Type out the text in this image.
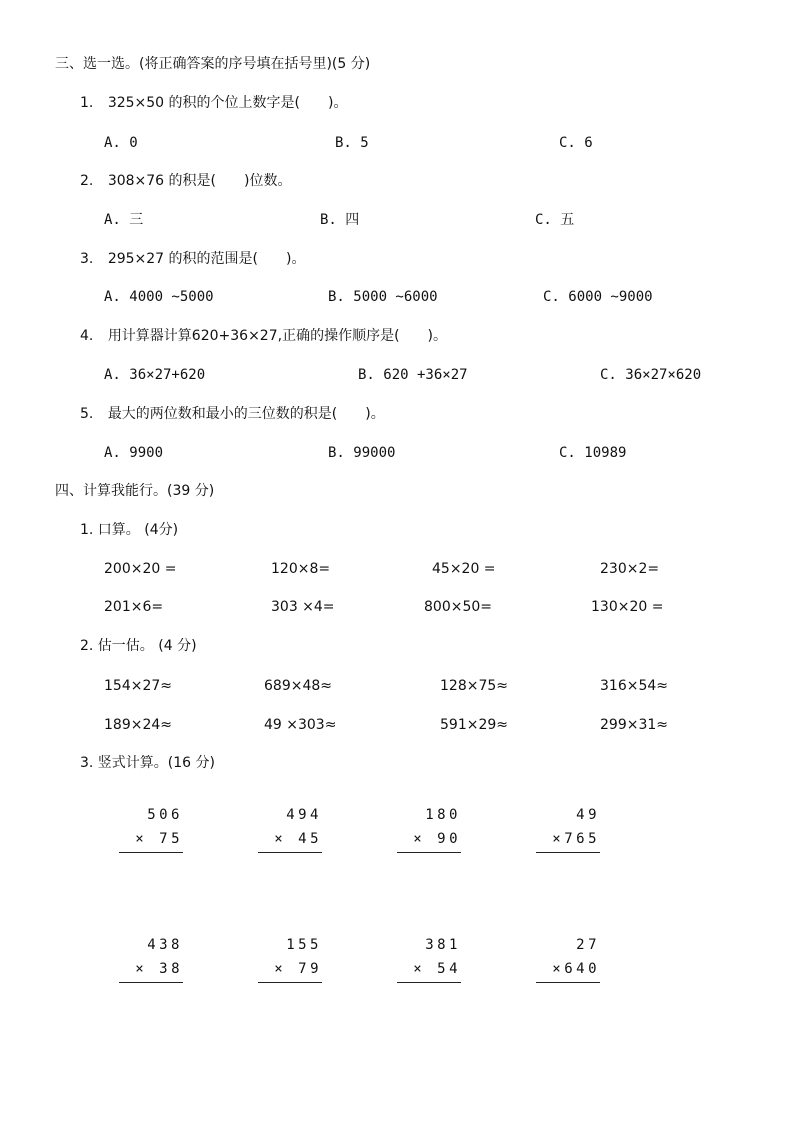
三、选一选。(将正确答案的序号填在括号里)(5 分)
1. 325×50 的积的个位上数字是(　　)。
A. 0	B. 5	C. 6
2. 308×76 的积是(　　)位数。
A. 三	B. 四	C. 五
3. 295×27 的积的范围是(　　)。
A. 4000 ~5000	B. 5000 ~6000	C. 6000 ~9000
4. 用计算器计算620+36×27,正确的操作顺序是(　　)。
A. 36×27+620	B. 620 +36×27	C. 36×27×620
5. 最大的两位数和最小的三位数的积是(　　)。
A. 9900	B. 99000	C. 10989
四、计算我能行。(39 分)
1. 口算。 (4分)
200×20 =	120×8=	45×20 =	230×2=
201×6=	303 ×4=	800×50=	130×20 =
2. 估一估。 (4 分)
154×27≈	689×48≈	128×75≈	316×54≈
189×24≈	49 ×303≈	591×29≈	299×31≈
3. 竖式计算。(16 分)
506
× 75
494
× 45
180
× 90
49
×765
438
× 38
155
× 79
381
× 54
27
×640
